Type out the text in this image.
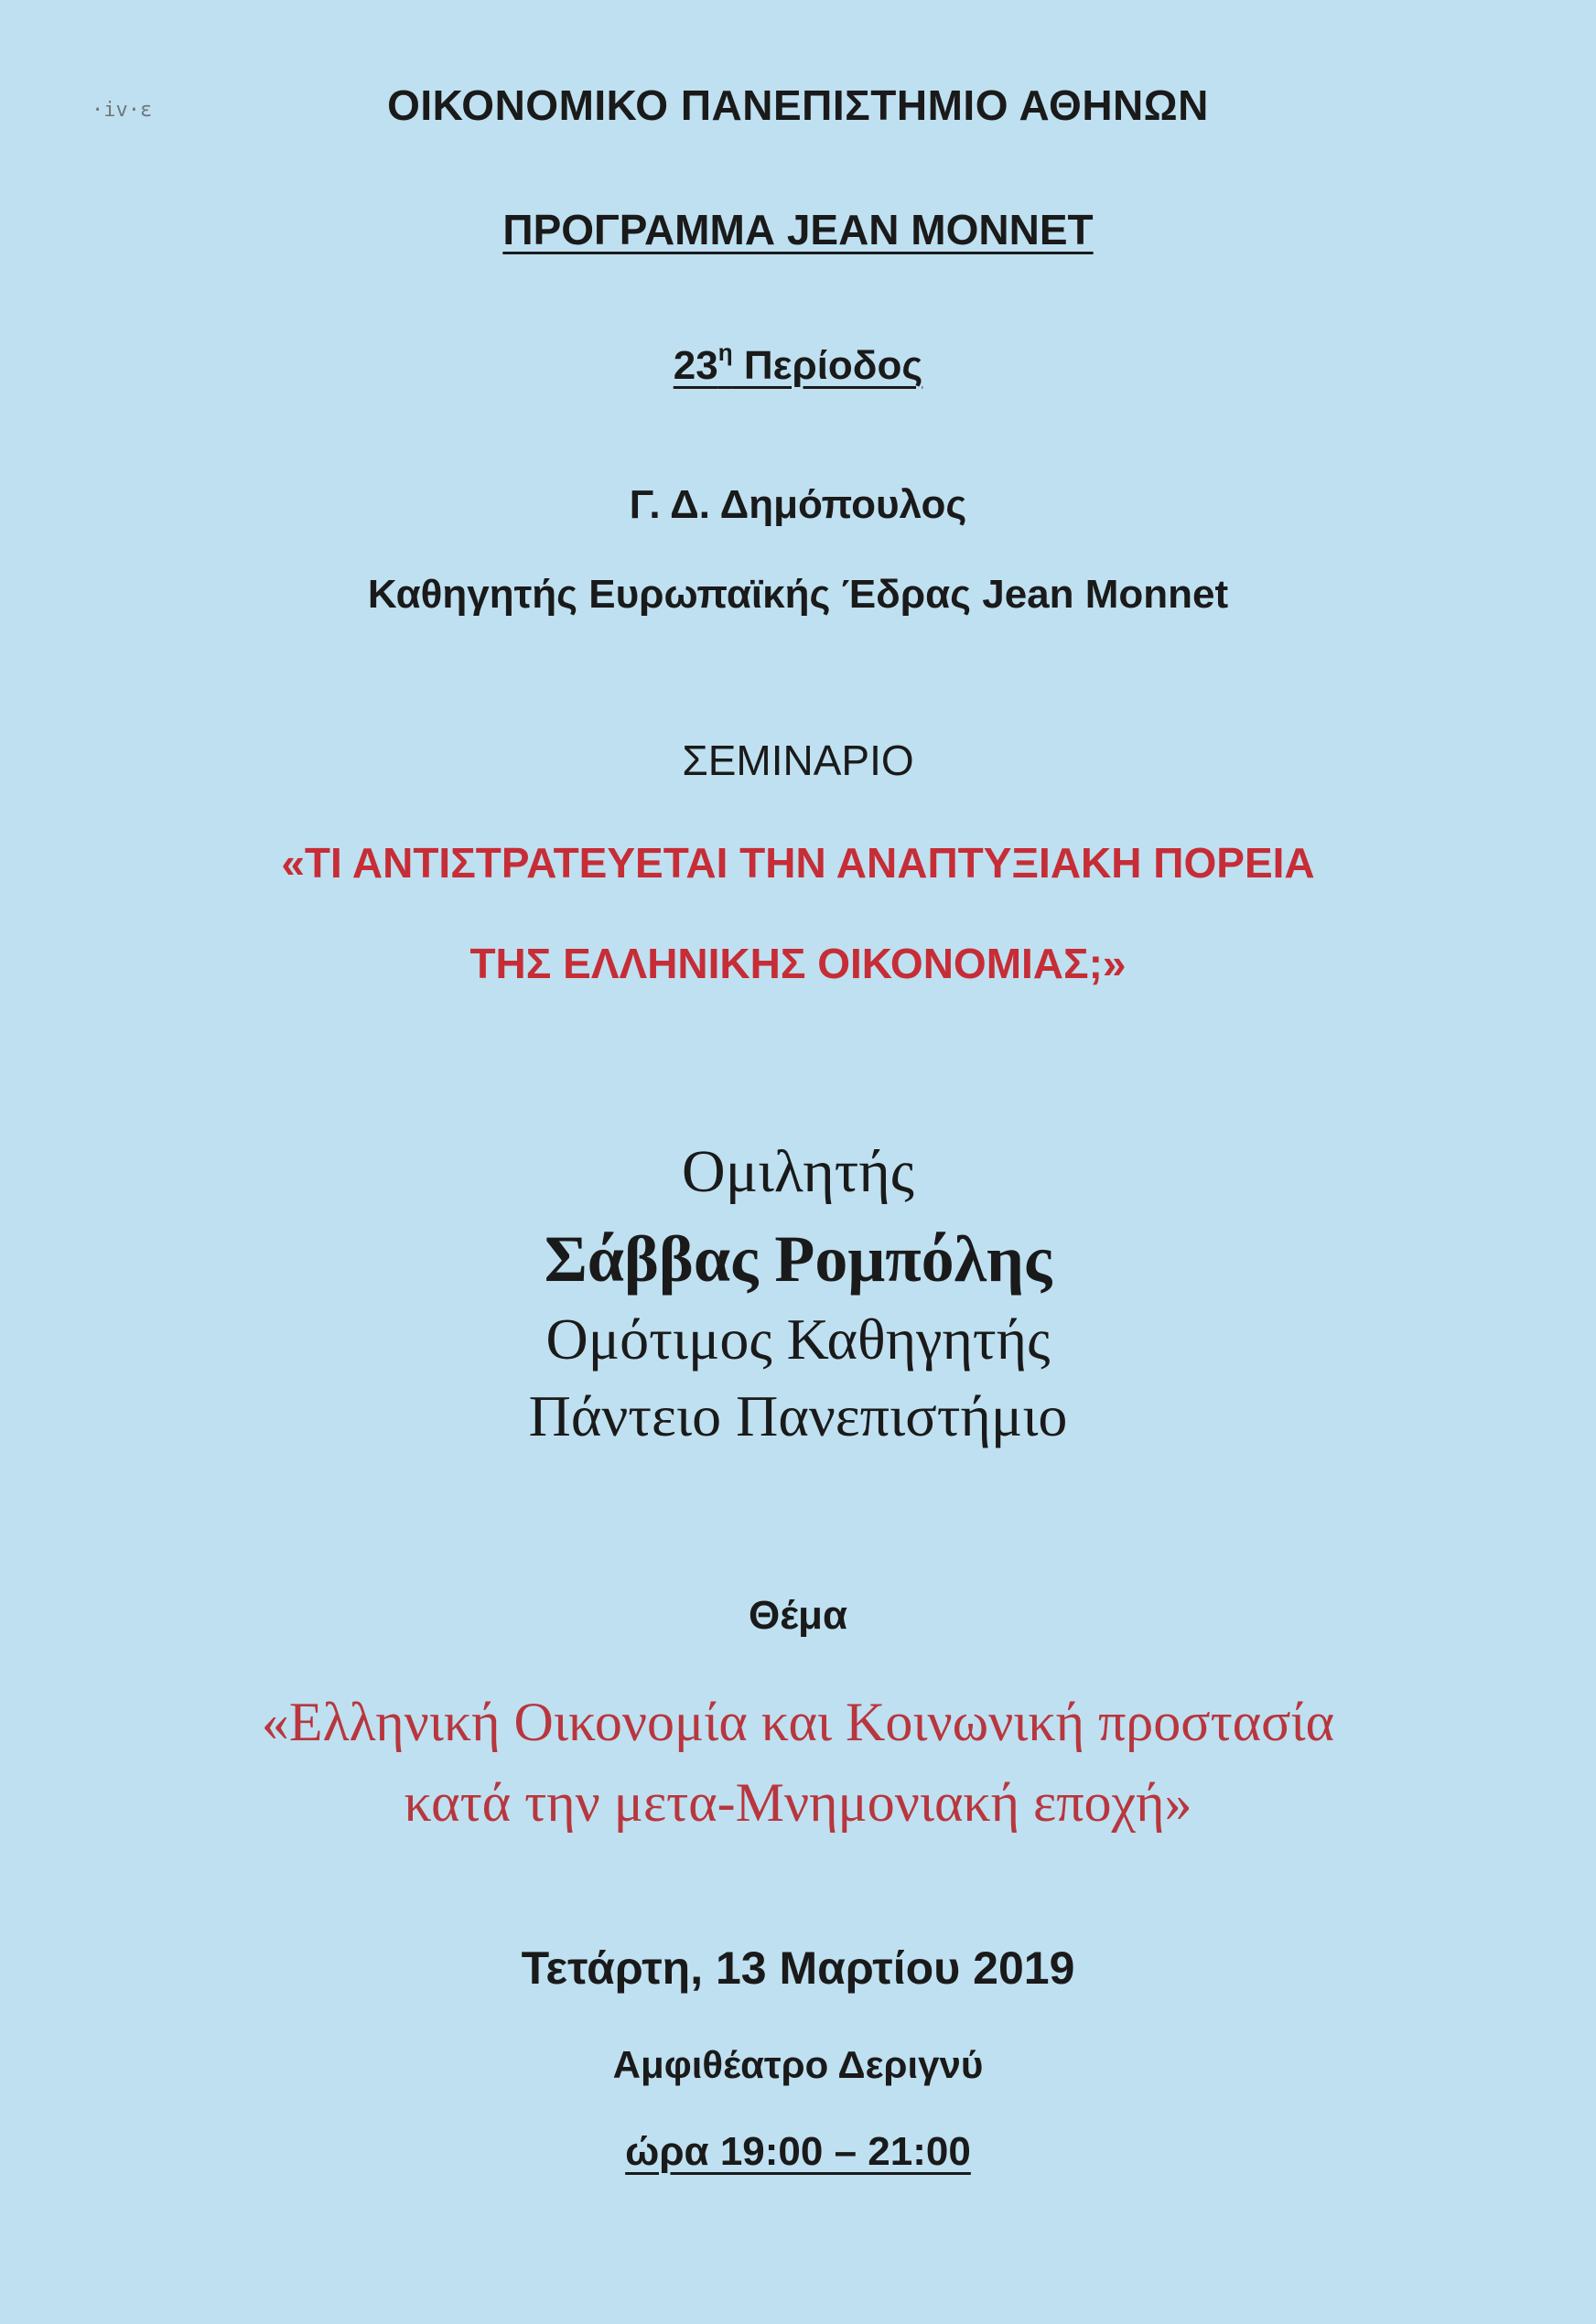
·iv·ɛ	ΟΙΚΟΝΟΜΙΚΟ ΠΑΝΕΠΙΣΤΗΜΙΟ ΑΘΗΝΩΝ
ΠΡΟΓΡΑΜΜΑ JEAN MONNET
$23^\eta$ Περίοδος
Γ. Δ. Δημόπουλος
Καθηγητής Ευρωπαϊκής Έδρας Jean Monnet
ΣΕΜΙΝΑΡΙΟ
«ΤΙ ΑΝΤΙΣΤΡΑΤΕΥΕΤΑΙ ΤΗΝ ΑΝΑΠΤΥΞΙΑΚΗ ΠΟΡΕΙΑ
ΤΗΣ ΕΛΛΗΝΙΚΗΣ ΟΙΚΟΝΟΜΙΑΣ;»
Ομιλητής
Σάββας Ρομπόλης
Ομότιμος Καθηγητής
Πάντειο Πανεπιστήμιο
Θέμα
«Ελληνική Οικονομία και Κοινωνική προστασία
κατά την μετα-Μνημονιακή εποχή»
Τετάρτη, 13 Μαρτίου 2019
Αμφιθέατρο Δεριγνύ
ώρα 19:00 – 21:00
